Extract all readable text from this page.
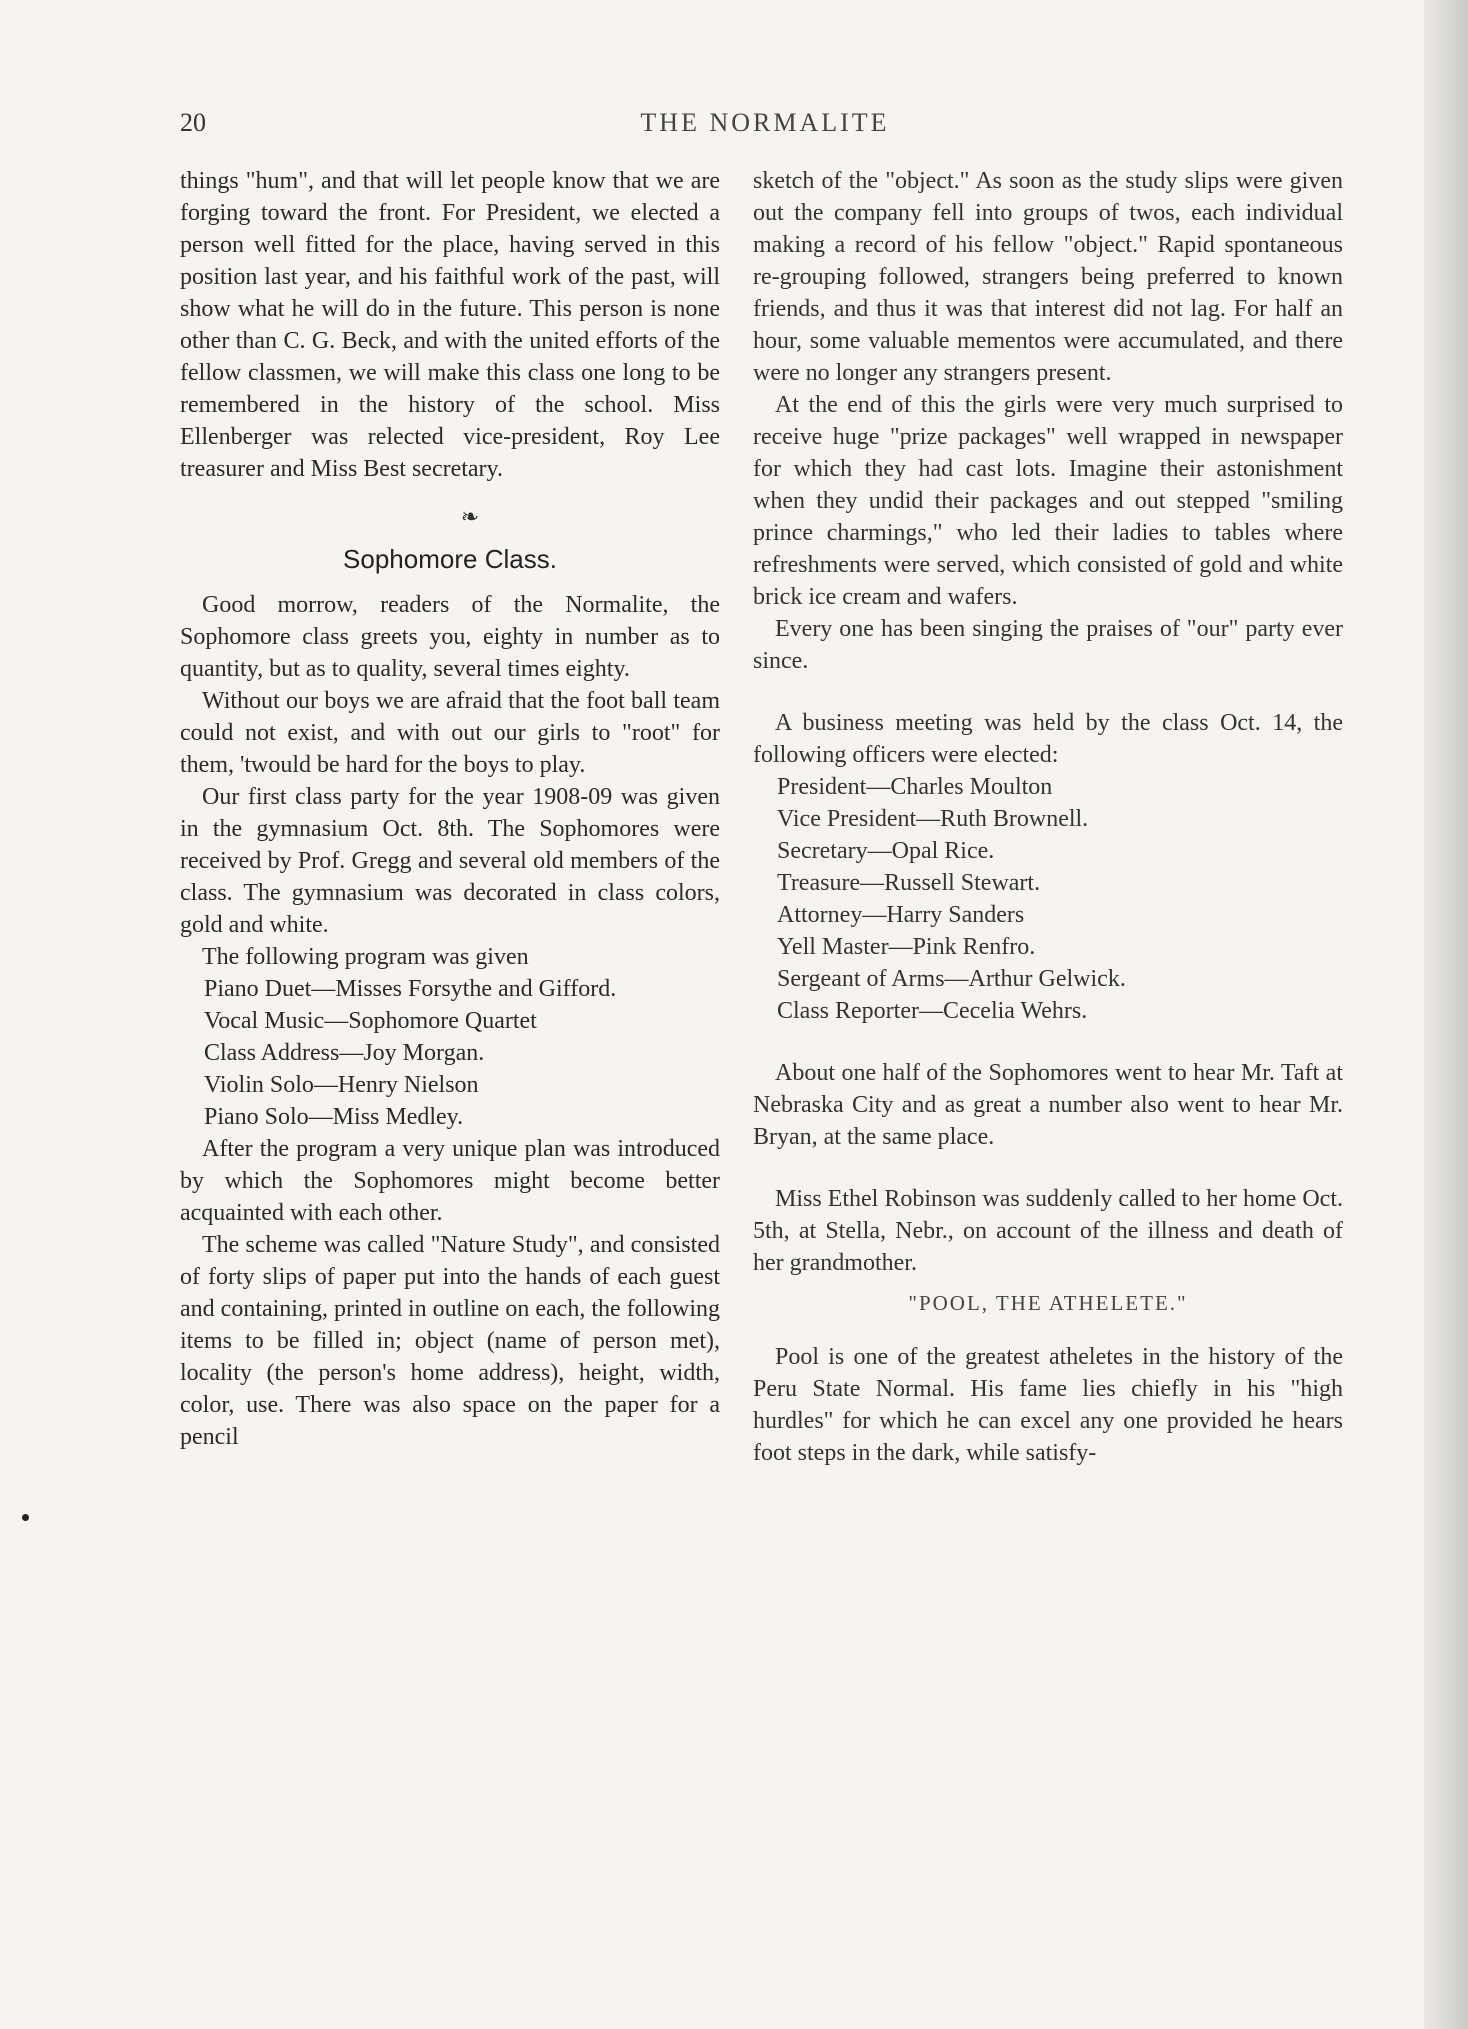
20	THE NORMALITE

things "hum", and that will let people know that we are forging toward the front. For President, we elected a person well fitted for the place, having served in this position last year, and his faithful work of the past, will show what he will do in the future. This person is none other than C. G. Beck, and with the united efforts of the fellow classmen, we will make this class one long to be remembered in the history of the school. Miss Ellenberger was relected vice-president, Roy Lee treasurer and Miss Best secretary.

❧
Sophomore Class.

Good morrow, readers of the Normalite, the Sophomore class greets you, eighty in number as to quantity, but as to quality, several times eighty.

Without our boys we are afraid that the foot ball team could not exist, and with out our girls to "root" for them, 'twould be hard for the boys to play.

Our first class party for the year 1908-09 was given in the gymnasium Oct. 8th. The Sophomores were received by Prof. Gregg and several old members of the class. The gymnasium was decorated in class colors, gold and white.

The following program was given

Piano Duet—Misses Forsythe and Gifford.

Vocal Music—Sophomore Quartet

Class Address—Joy Morgan.

Violin Solo—Henry Nielson

Piano Solo—Miss Medley.

After the program a very unique plan was introduced by which the Sophomores might become better acquainted with each other.

The scheme was called "Nature Study", and consisted of forty slips of paper put into the hands of each guest and containing, printed in outline on each, the following items to be filled in; object (name of person met), locality (the person's home address), height, width, color, use. There was also space on the paper for a pencil

sketch of the "object." As soon as the study slips were given out the company fell into groups of twos, each individual making a record of his fellow "object." Rapid spontaneous re-grouping followed, strangers being preferred to known friends, and thus it was that interest did not lag. For half an hour, some valuable mementos were accumulated, and there were no longer any strangers present.

At the end of this the girls were very much surprised to receive huge "prize packages" well wrapped in newspaper for which they had cast lots. Imagine their astonishment when they undid their packages and out stepped "smiling prince charmings," who led their ladies to tables where refreshments were served, which consisted of gold and white brick ice cream and wafers.

Every one has been singing the praises of "our" party ever since.

A business meeting was held by the class Oct. 14, the following officers were elected:

President—Charles Moulton

Vice President—Ruth Brownell.

Secretary—Opal Rice.

Treasure—Russell Stewart.

Attorney—Harry Sanders

Yell Master—Pink Renfro.

Sergeant of Arms—Arthur Gelwick.

Class Reporter—Cecelia Wehrs.

About one half of the Sophomores went to hear Mr. Taft at Nebraska City and as great a number also went to hear Mr. Bryan, at the same place.

Miss Ethel Robinson was suddenly called to her home Oct. 5th, at Stella, Nebr., on account of the illness and death of her grandmother.

"POOL, THE ATHELETE."

Pool is one of the greatest atheletes in the history of the Peru State Normal. His fame lies chiefly in his "high hurdles" for which he can excel any one provided he hears foot steps in the dark, while satisfy-
